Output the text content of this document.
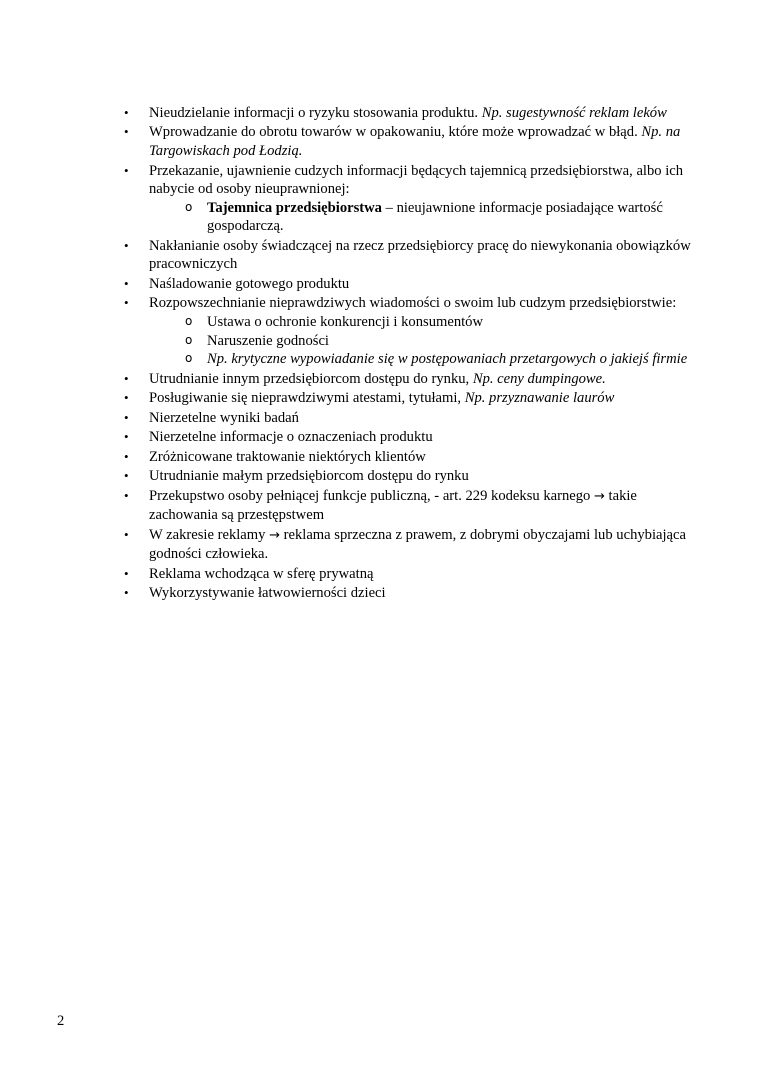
• Nieudzielanie informacji o ryzyku stosowania produktu. Np. sugestywność reklam leków
• Wprowadzanie do obrotu towarów w opakowaniu, które może wprowadzać w błąd. Np. na Targowiskach pod Łodzią.
• Przekazanie, ujawnienie cudzych informacji będących tajemnicą przedsiębiorstwa, albo ich nabycie od osoby nieuprawnionej:
o Tajemnica przedsiębiorstwa – nieujawnione informacje posiadające wartość gospodarczą.
• Nakłanianie osoby świadczącej na rzecz przedsiębiorcy pracę do niewykonania obowiązków pracowniczych
• Naśladowanie gotowego produktu
• Rozpowszechnianie nieprawdziwych wiadomości o swoim lub cudzym przedsiębiorstwie:
o Ustawa o ochronie konkurencji i konsumentów
o Naruszenie godności
o Np. krytyczne wypowiadanie się w postępowaniach przetargowych o jakiejś firmie
• Utrudnianie innym przedsiębiorcom dostępu do rynku, Np. ceny dumpingowe.
• Posługiwanie się nieprawdziwymi atestami, tytułami, Np. przyznawanie laurów
• Nierzetelne wyniki badań
• Nierzetelne informacje o oznaczeniach produktu
• Zróżnicowane traktowanie niektórych klientów
• Utrudnianie małym przedsiębiorcom dostępu do rynku
• Przekupstwo osoby pełniącej funkcje publiczną, - art. 229 kodeksu karnego → takie zachowania są przestępstwem
• W zakresie reklamy → reklama sprzeczna z prawem, z dobrymi obyczajami lub uchybiająca godności człowieka.
• Reklama wchodząca w sferę prywatną
• Wykorzystywanie łatwowierności dzieci
2
